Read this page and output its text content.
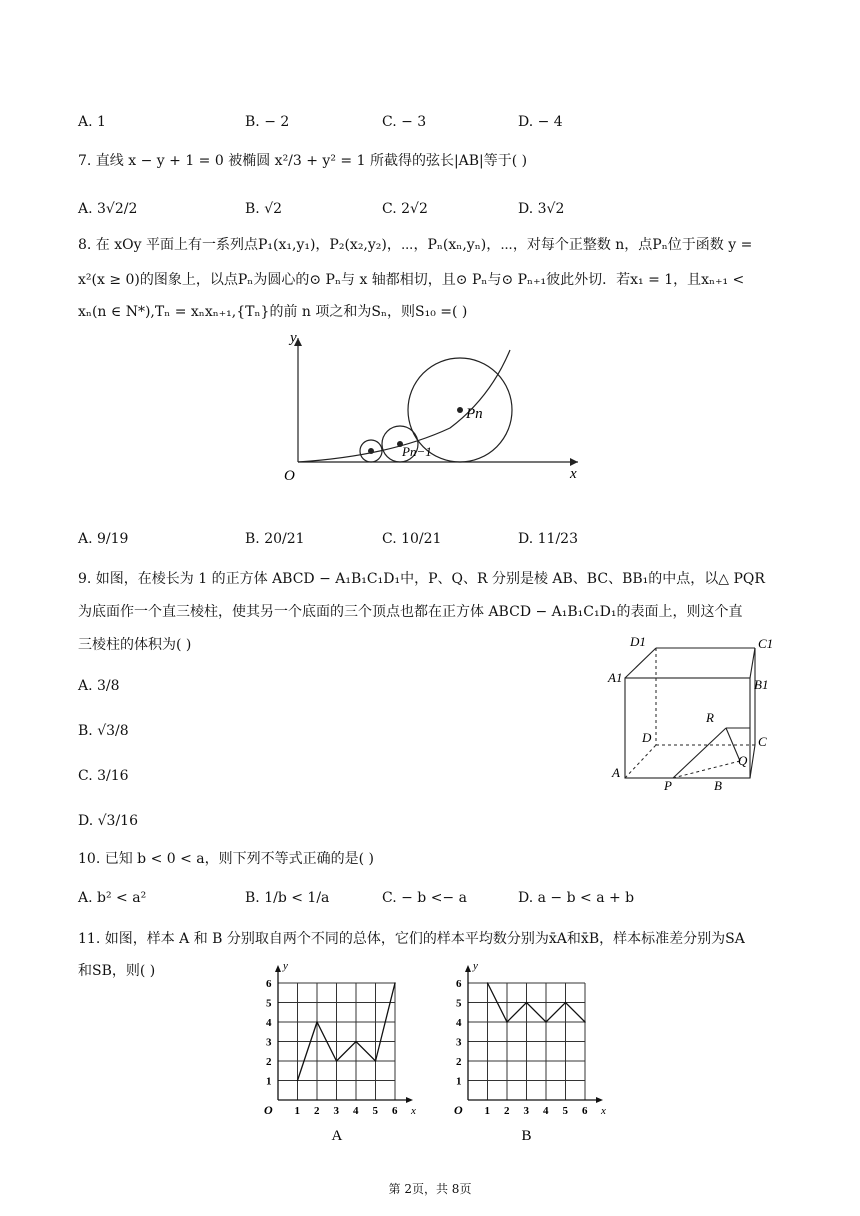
A. 1	B. − 2	C. − 3	D. − 4
7. 直线 x − y + 1 = 0 被椭圆 x²/3 + y² = 1 所截得的弦长|AB|等于( )
A. 3√2/2	B. √2	C. 2√2	D. 3√2
8. 在 xOy 平面上有一系列点P₁(x₁,y₁)，P₂(x₂,y₂)，⋯，Pₙ(xₙ,yₙ)，⋯，对每个正整数 n，点Pₙ位于函数 y =
x²(x ≥ 0)的图象上，以点Pₙ为圆心的⊙ Pₙ与 x 轴都相切，且⊙ Pₙ与⊙ Pₙ₊₁彼此外切．若x₁ = 1，且xₙ₊₁ <
xₙ(n ∈ N*),Tₙ = xₙxₙ₊₁,{Tₙ}的前 n 项之和为Sₙ，则S₁₀ =( )
y
x
O
Pn
Pn−1
A. 9/19	B. 20/21	C. 10/21	D. 11/23
9. 如图，在棱长为 1 的正方体 ABCD − A₁B₁C₁D₁中，P、Q、R 分别是棱 AB、BC、BB₁的中点，以△ PQR
为底面作一个直三棱柱，使其另一个底面的三个顶点也都在正方体 ABCD − A₁B₁C₁D₁的表面上，则这个直
三棱柱的体积为( )
A. 3/8
B. √3/8
C. 3/16
D. √3/16
D1	C1
A1	B1
R
D	C
Q
A
P	B
10. 已知 b < 0 < a，则下列不等式正确的是( )
A. b² < a²	B. 1/b < 1/a	C. − b <− a	D. a − b < a + b
11. 如图，样本 A 和 B 分别取自两个不同的总体，它们的样本平均数分别为x̄A和x̄B，样本标准差分别为SA
和SB，则( )
1
1
2
2
3
3
4
4
5
5
6
6
O	x
y
A
1
1
2
2
3
3
4
4
5
5
6
6
O	x
y
B
第 2页，共 8页
